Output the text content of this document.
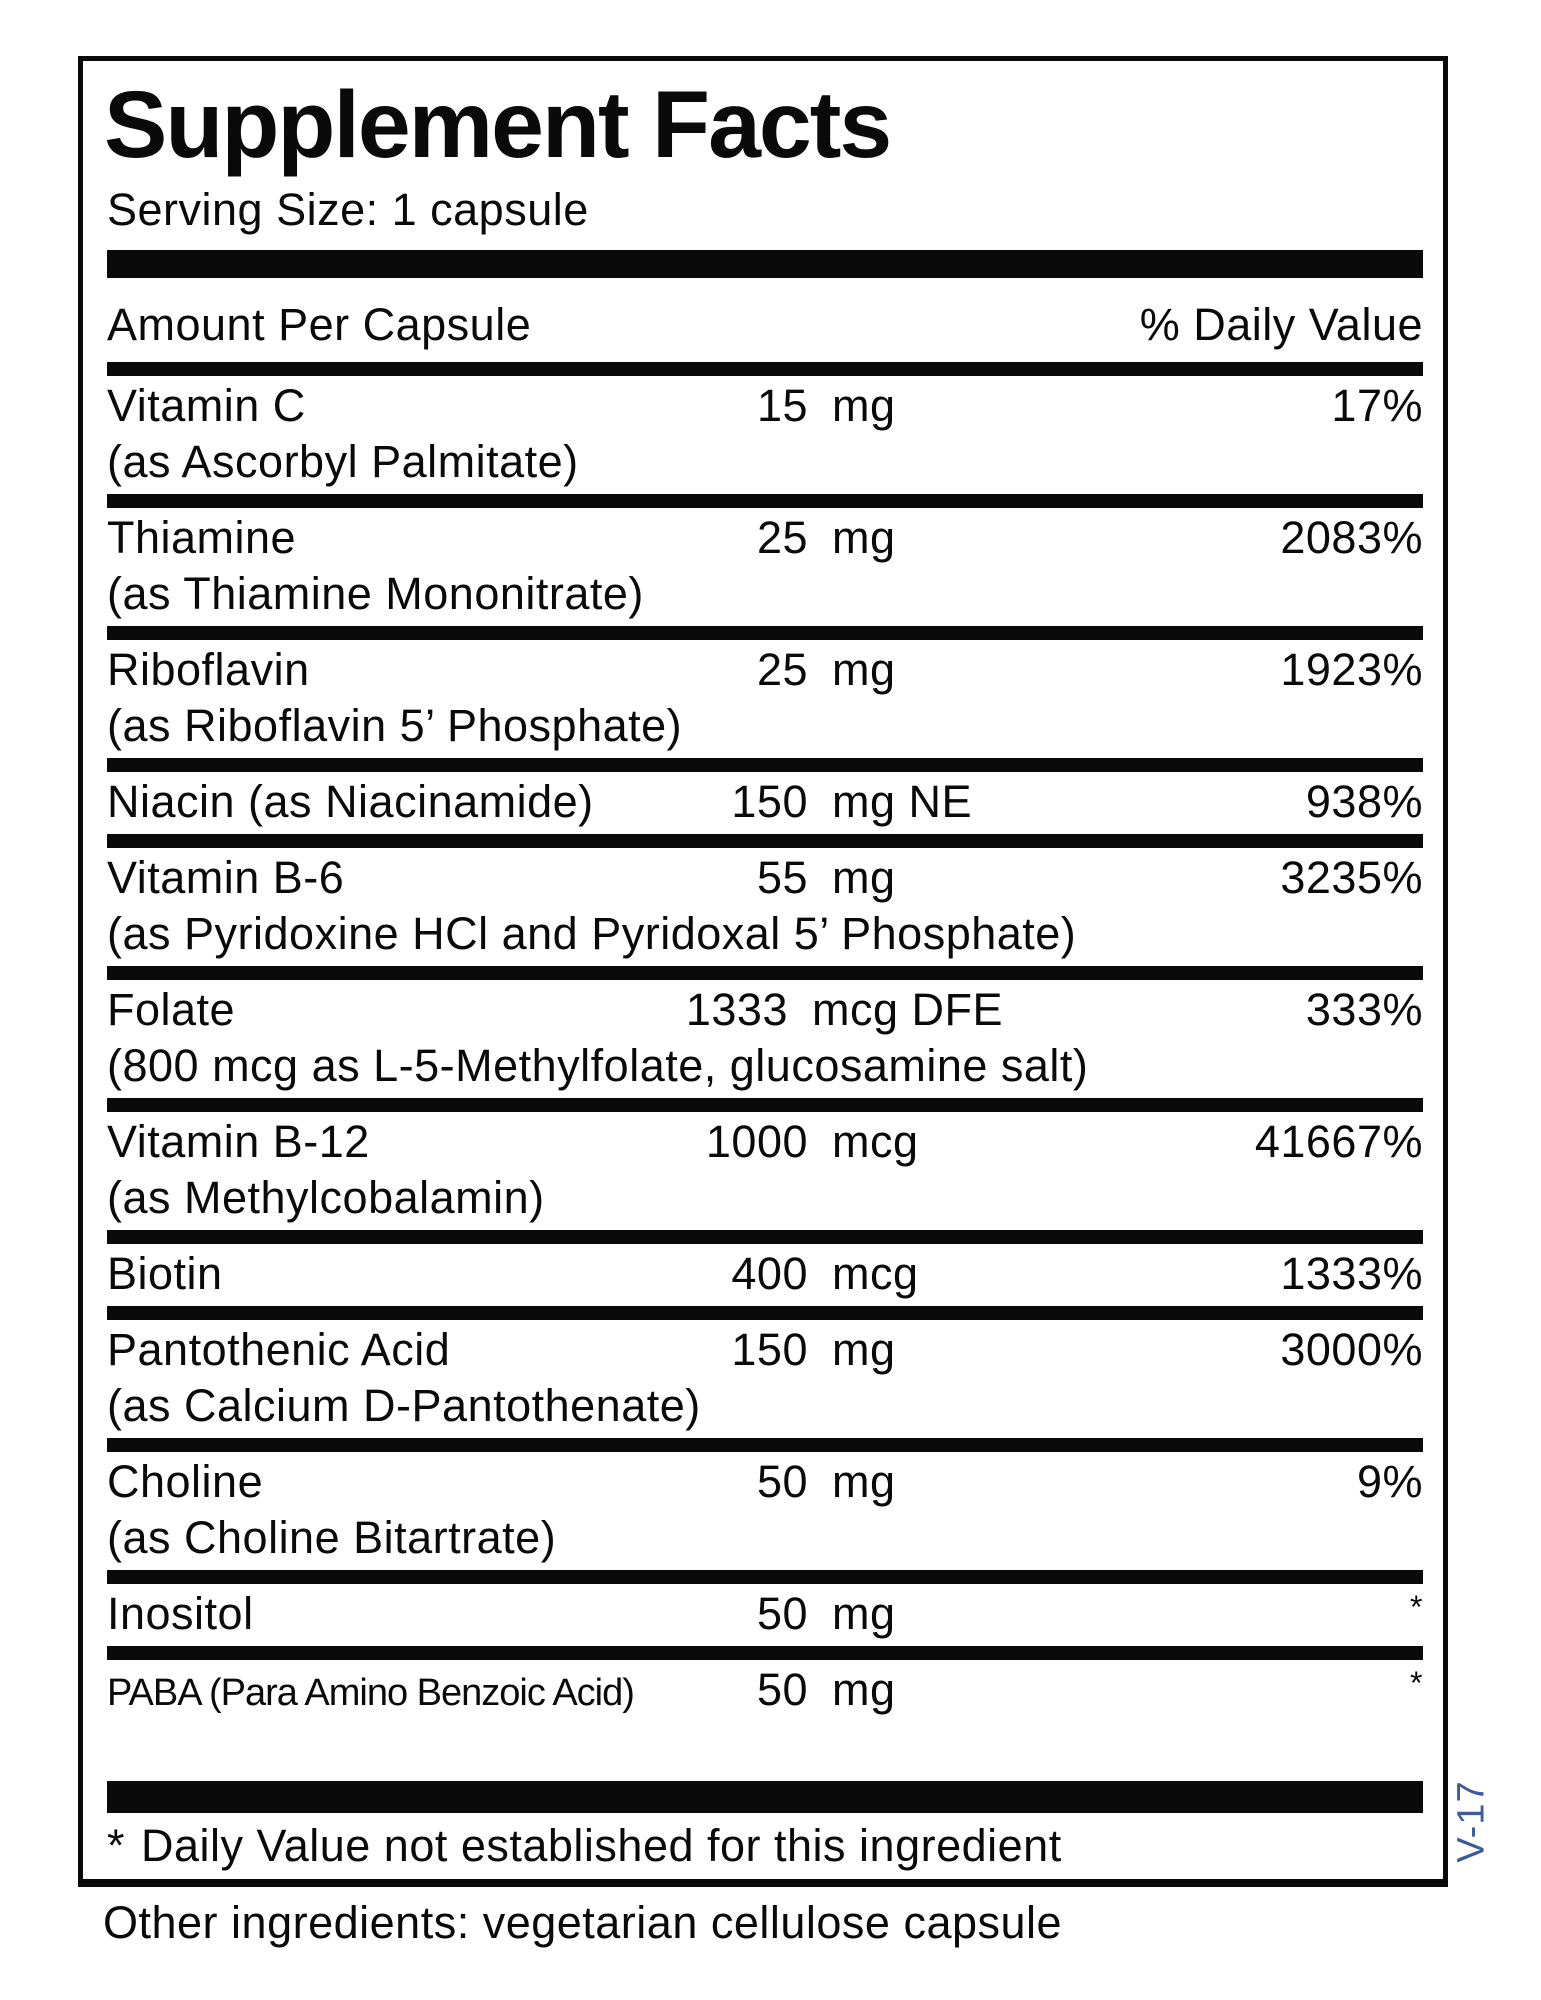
Supplement Facts
Serving Size: 1 capsule
Amount Per Capsule	% Daily Value
Vitamin C	15 mg	17%
(as Ascorbyl Palmitate)
Thiamine	25 mg	2083%
(as Thiamine Mononitrate)
Riboflavin	25 mg	1923%
(as Riboflavin 5’ Phosphate)
Niacin (as Niacinamide)	150 mg NE	938%
Vitamin B-6	55 mg	3235%
(as Pyridoxine HCl and Pyridoxal 5’ Phosphate)
Folate	1333 mcg DFE	333%
(800 mcg as L-5-Methylfolate, glucosamine salt)
Vitamin B-12	1000 mcg	41667%
(as Methylcobalamin)
Biotin	400 mcg	1333%
Pantothenic Acid	150 mg	3000%
(as Calcium D-Pantothenate)
Choline	50 mg	9%
(as Choline Bitartrate)
Inositol	50 mg	*
PABA (Para Amino Benzoic Acid)	50 mg	*
* Daily Value not established for this ingredient
Other ingredients: vegetarian cellulose capsule
V-17
